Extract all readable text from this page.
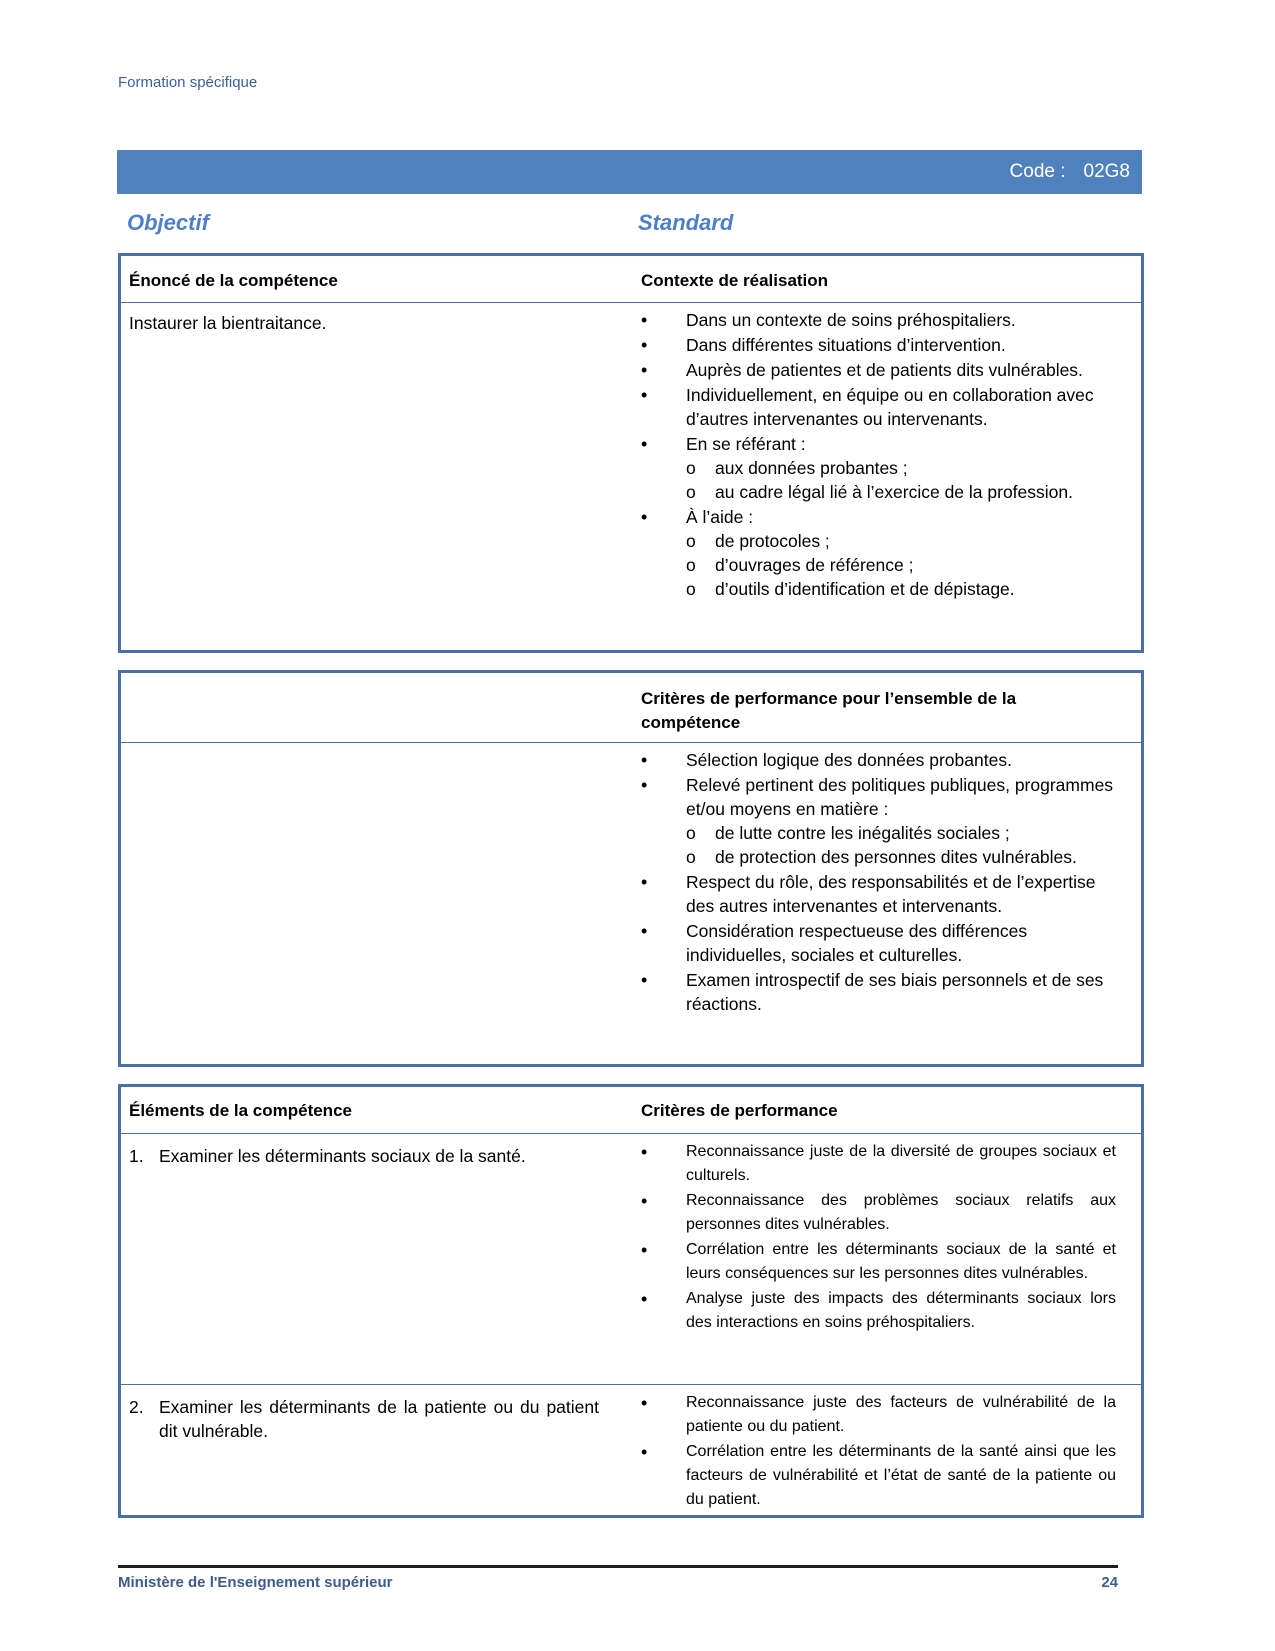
Formation spécifique
Code : 02G8
Objectif	Standard
Énoncé de la compétence	Contexte de réalisation
Instaurer la bientraitance.	• Dans un contexte de soins préhospitaliers.
• Dans différentes situations d’intervention.
• Auprès de patientes et de patients dits vulnérables.
• Individuellement, en équipe ou en collaboration avec d’autres intervenantes ou intervenants.
• En se référant :
o aux données probantes ;
o au cadre légal lié à l’exercice de la profession.
• À l’aide :
o de protocoles ;
o d’ouvrages de référence ;
o d’outils d’identification et de dépistage.
Critères de performance pour l’ensemble de la compétence
• Sélection logique des données probantes.
• Relevé pertinent des politiques publiques, programmes et/ou moyens en matière :
o de lutte contre les inégalités sociales ;
o de protection des personnes dites vulnérables.
• Respect du rôle, des responsabilités et de l’expertise des autres intervenantes et intervenants.
• Considération respectueuse des différences individuelles, sociales et culturelles.
• Examen introspectif de ses biais personnels et de ses réactions.
Éléments de la compétence	Critères de performance
1. Examiner les déterminants sociaux de la santé.	• Reconnaissance juste de la diversité de groupes sociaux et culturels.
• Reconnaissance des problèmes sociaux relatifs aux personnes dites vulnérables.
• Corrélation entre les déterminants sociaux de la santé et leurs conséquences sur les personnes dites vulnérables.
• Analyse juste des impacts des déterminants sociaux lors des interactions en soins préhospitaliers.
2. Examiner les déterminants de la patiente ou du patient dit vulnérable.
• Reconnaissance juste des facteurs de vulnérabilité de la patiente ou du patient.
• Corrélation entre les déterminants de la santé ainsi que les facteurs de vulnérabilité et l’état de santé de la patiente ou du patient.
Ministère de l'Enseignement supérieur	24
